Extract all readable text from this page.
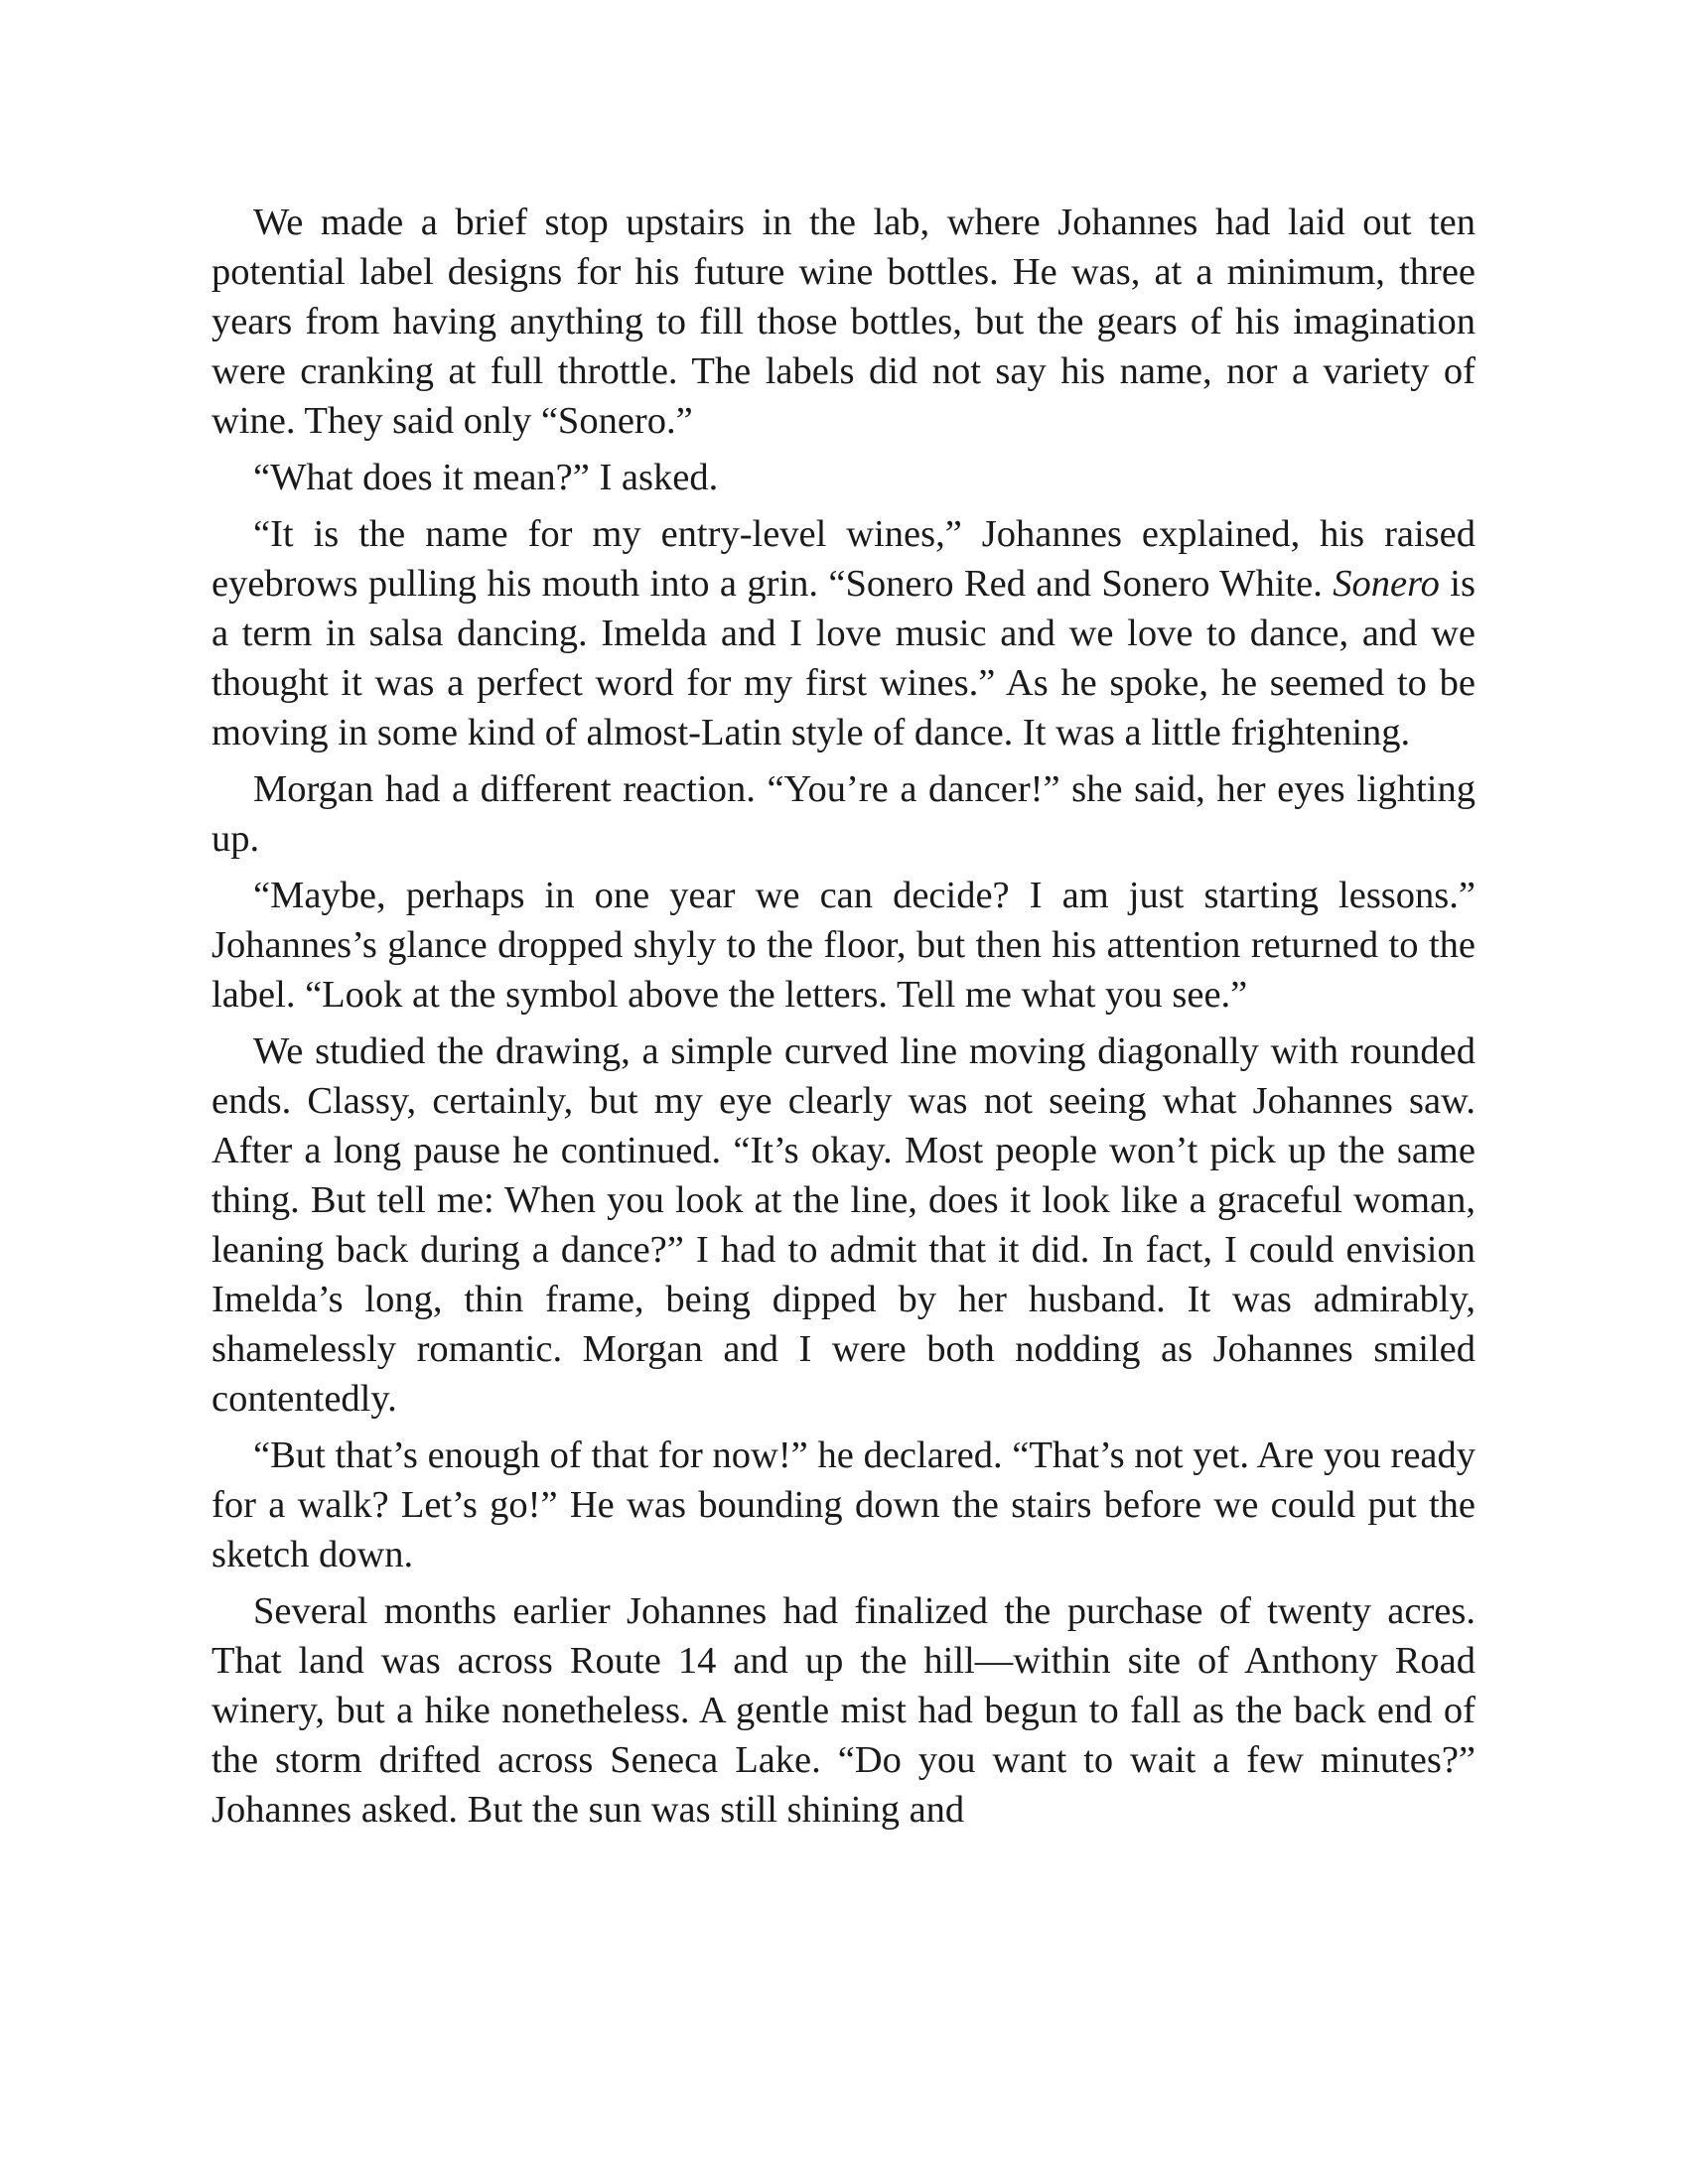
We made a brief stop upstairs in the lab, where Johannes had laid out ten potential label designs for his future wine bottles. He was, at a minimum, three years from having anything to fill those bottles, but the gears of his imagination were cranking at full throttle. The labels did not say his name, nor a variety of wine. They said only “Sonero.”

“What does it mean?” I asked.

“It is the name for my entry-level wines,” Johannes explained, his raised eyebrows pulling his mouth into a grin. “Sonero Red and Sonero White. Sonero is a term in salsa dancing. Imelda and I love music and we love to dance, and we thought it was a perfect word for my first wines.” As he spoke, he seemed to be moving in some kind of almost-Latin style of dance. It was a little frightening.

Morgan had a different reaction. “You’re a dancer!” she said, her eyes lighting up.

“Maybe, perhaps in one year we can decide? I am just starting lessons.” Johannes’s glance dropped shyly to the floor, but then his attention returned to the label. “Look at the symbol above the letters. Tell me what you see.”

We studied the drawing, a simple curved line moving diagonally with rounded ends. Classy, certainly, but my eye clearly was not seeing what Johannes saw. After a long pause he continued. “It’s okay. Most people won’t pick up the same thing. But tell me: When you look at the line, does it look like a graceful woman, leaning back during a dance?” I had to admit that it did. In fact, I could envision Imelda’s long, thin frame, being dipped by her husband. It was admirably, shamelessly romantic. Morgan and I were both nodding as Johannes smiled contentedly.

“But that’s enough of that for now!” he declared. “That’s not yet. Are you ready for a walk? Let’s go!” He was bounding down the stairs before we could put the sketch down.

Several months earlier Johannes had finalized the purchase of twenty acres. That land was across Route 14 and up the hill—within site of Anthony Road winery, but a hike nonetheless. A gentle mist had begun to fall as the back end of the storm drifted across Seneca Lake. “Do you want to wait a few minutes?” Johannes asked. But the sun was still shining and
